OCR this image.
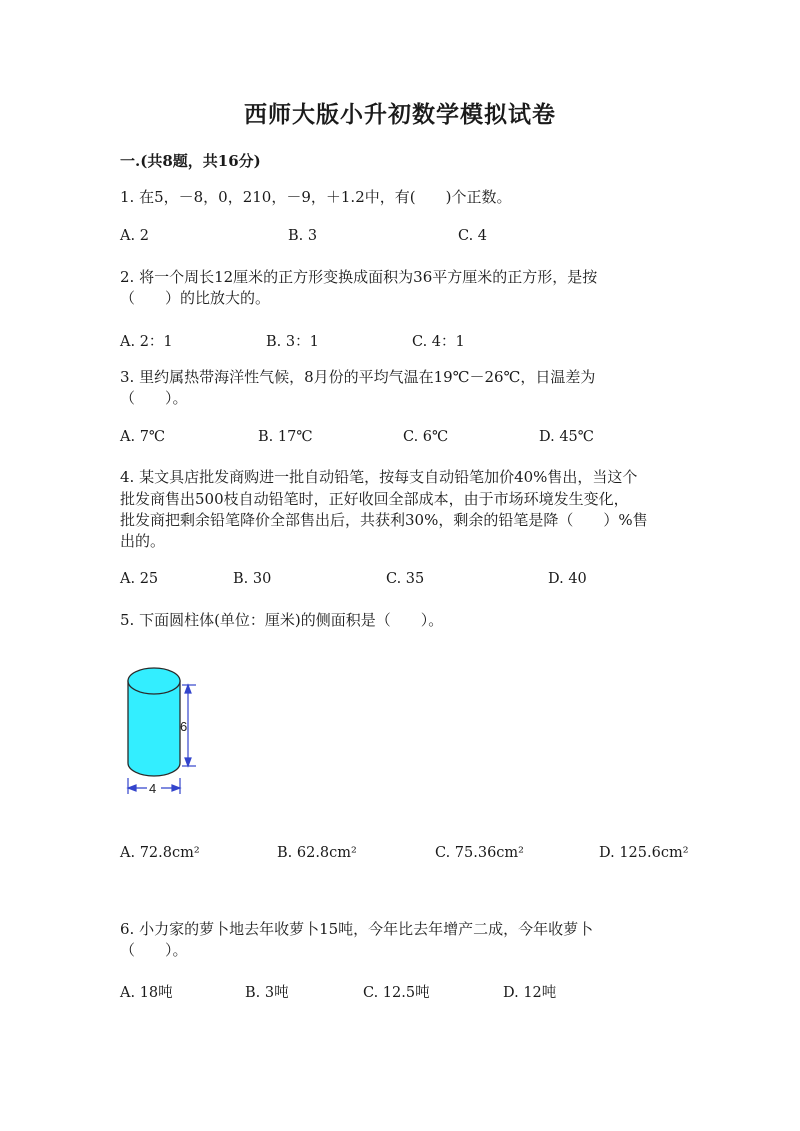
西师大版小升初数学模拟试卷
一.(共8题，共16分)
1. 在5，－8，0，210，－9，＋1.2中，有(　　)个正数。
A. 2	B. 3	C. 4
2. 将一个周长12厘米的正方形变换成面积为36平方厘米的正方形，是按
（　　）的比放大的。
A. 2：1	B. 3：1	C. 4：1
3. 里约属热带海洋性气候，8月份的平均气温在19℃－26℃，日温差为
（　　）。
A. 7℃	B. 17℃	C. 6℃	D. 45℃
4. 某文具店批发商购进一批自动铅笔，按每支自动铅笔加价40%售出，当这个
批发商售出500枝自动铅笔时，正好收回全部成本，由于市场环境发生变化，
批发商把剩余铅笔降价全部售出后，共获利30%，剩余的铅笔是降（　　）%售
出的。
A. 25	B. 30	C. 35	D. 40
5. 下面圆柱体(单位：厘米)的侧面积是（　　）。
6
4
A. 72.8cm²	B. 62.8cm²	C. 75.36cm²	D. 125.6cm²
6. 小力家的萝卜地去年收萝卜15吨，今年比去年增产二成，今年收萝卜
（　　）。
A. 18吨	B. 3吨	C. 12.5吨	D. 12吨
